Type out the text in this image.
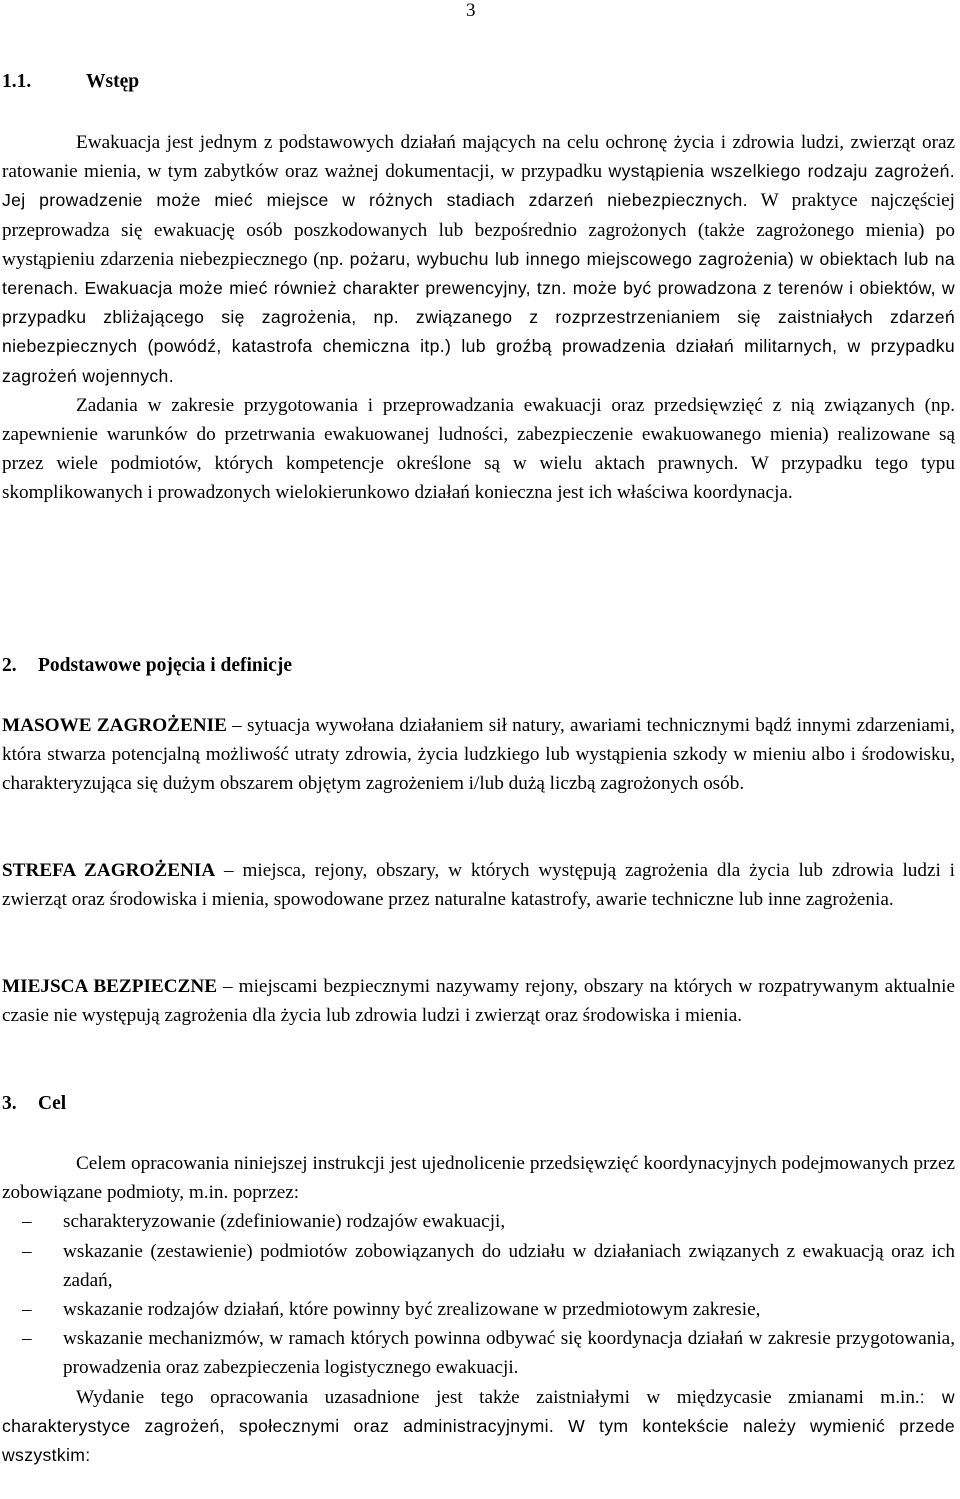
3
1.1.	Wstęp

Ewakuacja jest jednym z podstawowych działań mających na celu ochronę życia i zdrowia ludzi, zwierząt oraz ratowanie mienia, w tym zabytków oraz ważnej dokumentacji, w przypadku wystąpienia wszelkiego rodzaju zagrożeń. Jej prowadzenie może mieć miejsce w różnych stadiach zdarzeń niebezpiecznych. W praktyce najczęściej przeprowadza się ewakuację osób poszkodowanych lub bezpośrednio zagrożonych (także zagrożonego mienia) po wystąpieniu zdarzenia niebezpiecznego (np. pożaru, wybuchu lub innego miejscowego zagrożenia) w obiektach lub na terenach. Ewakuacja może mieć również charakter prewencyjny, tzn. może być prowadzona z terenów i obiektów, w przypadku zbliżającego się zagrożenia, np. związanego z rozprzestrzenianiem się zaistniałych zdarzeń niebezpiecznych (powódź, katastrofa chemiczna itp.) lub groźbą prowadzenia działań militarnych, w przypadku zagrożeń wojennych.

Zadania w zakresie przygotowania i przeprowadzania ewakuacji oraz przedsięwzięć z nią związanych (np. zapewnienie warunków do przetrwania ewakuowanej ludności, zabezpieczenie ewakuowanego mienia) realizowane są przez wiele podmiotów, których kompetencje określone są w wielu aktach prawnych. W przypadku tego typu skomplikowanych i prowadzonych wielokierunkowo działań konieczna jest ich właściwa koordynacja.

2. Podstawowe pojęcia i definicje

MASOWE ZAGROŻENIE – sytuacja wywołana działaniem sił natury, awariami technicznymi bądź innymi zdarzeniami, która stwarza potencjalną możliwość utraty zdrowia, życia ludzkiego lub wystąpienia szkody w mieniu albo i środowisku, charakteryzująca się dużym obszarem objętym zagrożeniem i/lub dużą liczbą zagrożonych osób.

STREFA ZAGROŻENIA – miejsca, rejony, obszary, w których występują zagrożenia dla życia lub zdrowia ludzi i zwierząt oraz środowiska i mienia, spowodowane przez naturalne katastrofy, awarie techniczne lub inne zagrożenia.

MIEJSCA BEZPIECZNE – miejscami bezpiecznymi nazywamy rejony, obszary na których w rozpatrywanym aktualnie czasie nie występują zagrożenia dla życia lub zdrowia ludzi i zwierząt oraz środowiska i mienia.

3. Cel

Celem opracowania niniejszej instrukcji jest ujednolicenie przedsięwzięć koordynacyjnych podejmowanych przez zobowiązane podmioty, m.in. poprzez:

– scharakteryzowanie (zdefiniowanie) rodzajów ewakuacji,
– wskazanie (zestawienie) podmiotów zobowiązanych do udziału w działaniach związanych z ewakuacją oraz ich zadań,
– wskazanie rodzajów działań, które powinny być zrealizowane w przedmiotowym zakresie,
– wskazanie mechanizmów, w ramach których powinna odbywać się koordynacja działań w zakresie przygotowania, prowadzenia oraz zabezpieczenia logistycznego ewakuacji.

Wydanie tego opracowania uzasadnione jest także zaistniałymi w międzycasie zmianami m.in.: w charakterystyce zagrożeń, społecznymi oraz administracyjnymi. W tym kontekście należy wymienić przede wszystkim:
